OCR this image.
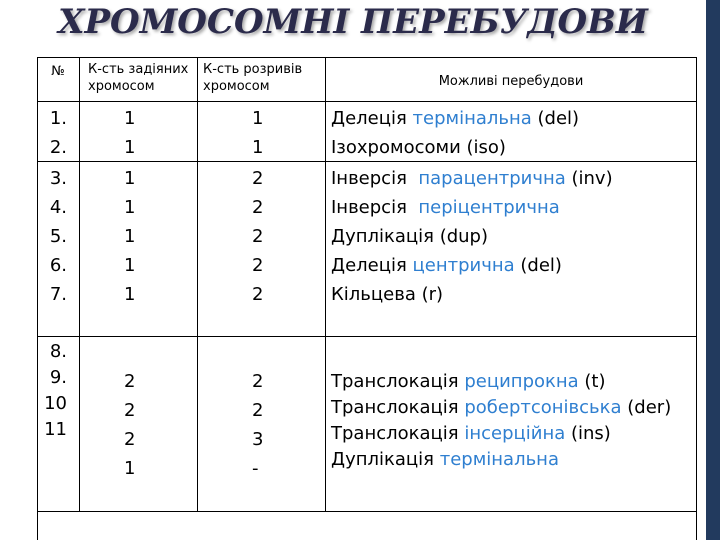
ХРОМОСОМНІ ПЕРЕБУДОВИ
№	К-сть задіяних хромосом
К-сть розривів хромосом	Можливі перебудови
1.
2.
1
1
1
1
Делеція термінальна (del)
Ізохромосоми (iso)
3.
4.
5.
6.
7.
1
1
1
1
1
2
2
2
2
2
Інверсія  парацентрична (inv)
Інверсія  періцентрична
Дуплікація (dup)
Делеція центрична (del)
Кільцева (r)
8.
9.
10
11
2
2
2
1
2
2
3
-
Транслокація реципрокна (t)
Транслокація робертсонівська (der)
Транслокація інсерційна (ins)
Дуплікація термінальна
